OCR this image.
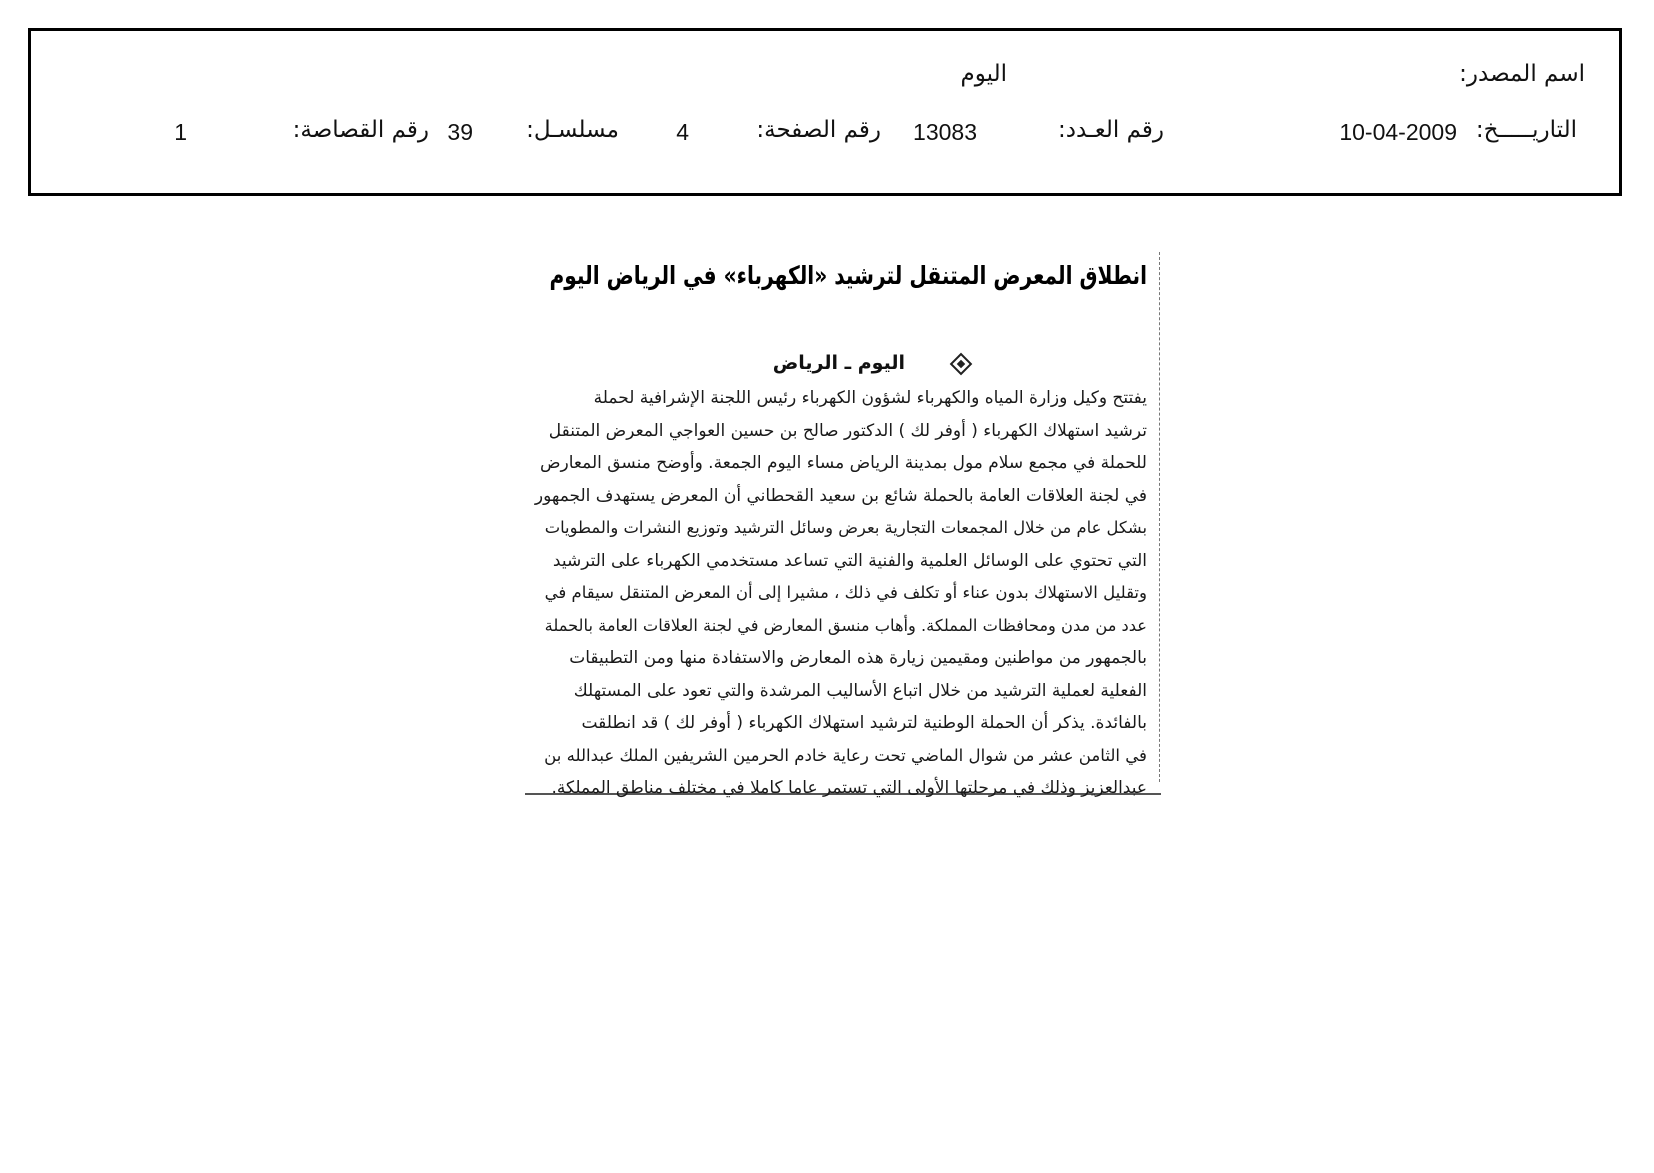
اسم المصدر:
اليوم
التاريـــــخ:
10-04-2009
رقم العـدد:
13083
رقم الصفحة:
4
مسلسـل:
39
رقم القصاصة:
1
انطلاق المعرض المتنقل لترشيد «الكهرباء» في الرياض اليوم
اليوم ـ الرياض
يفتتح وكيل وزارة المياه والكهرباء لشؤون الكهرباء رئيس اللجنة الإشرافية لحملة
ترشيد استهلاك الكهرباء ( أوفر لك ) الدكتور صالح بن حسين العواجي المعرض المتنقل
للحملة في مجمع سلام مول بمدينة الرياض مساء اليوم الجمعة. وأوضح منسق المعارض
في لجنة العلاقات العامة بالحملة شائع بن سعيد القحطاني أن المعرض يستهدف الجمهور
بشكل عام من خلال المجمعات التجارية بعرض وسائل الترشيد وتوزيع النشرات والمطويات
التي تحتوي على الوسائل العلمية والفنية التي تساعد مستخدمي الكهرباء على الترشيد
وتقليل الاستهلاك بدون عناء أو تكلف في ذلك ، مشيرا إلى أن المعرض المتنقل سيقام في
عدد من مدن ومحافظات المملكة. وأهاب منسق المعارض في لجنة العلاقات العامة بالحملة
بالجمهور من مواطنين ومقيمين زيارة هذه المعارض والاستفادة منها ومن التطبيقات
الفعلية لعملية الترشيد من خلال اتباع الأساليب المرشدة والتي تعود على المستهلك
بالفائدة. يذكر أن الحملة الوطنية لترشيد استهلاك الكهرباء ( أوفر لك ) قد انطلقت
في الثامن عشر من شوال الماضي تحت رعاية خادم الحرمين الشريفين الملك عبدالله بن
عبدالعزيز وذلك في مرحلتها الأولى التي تستمر عاما كاملا في مختلف مناطق المملكة.
